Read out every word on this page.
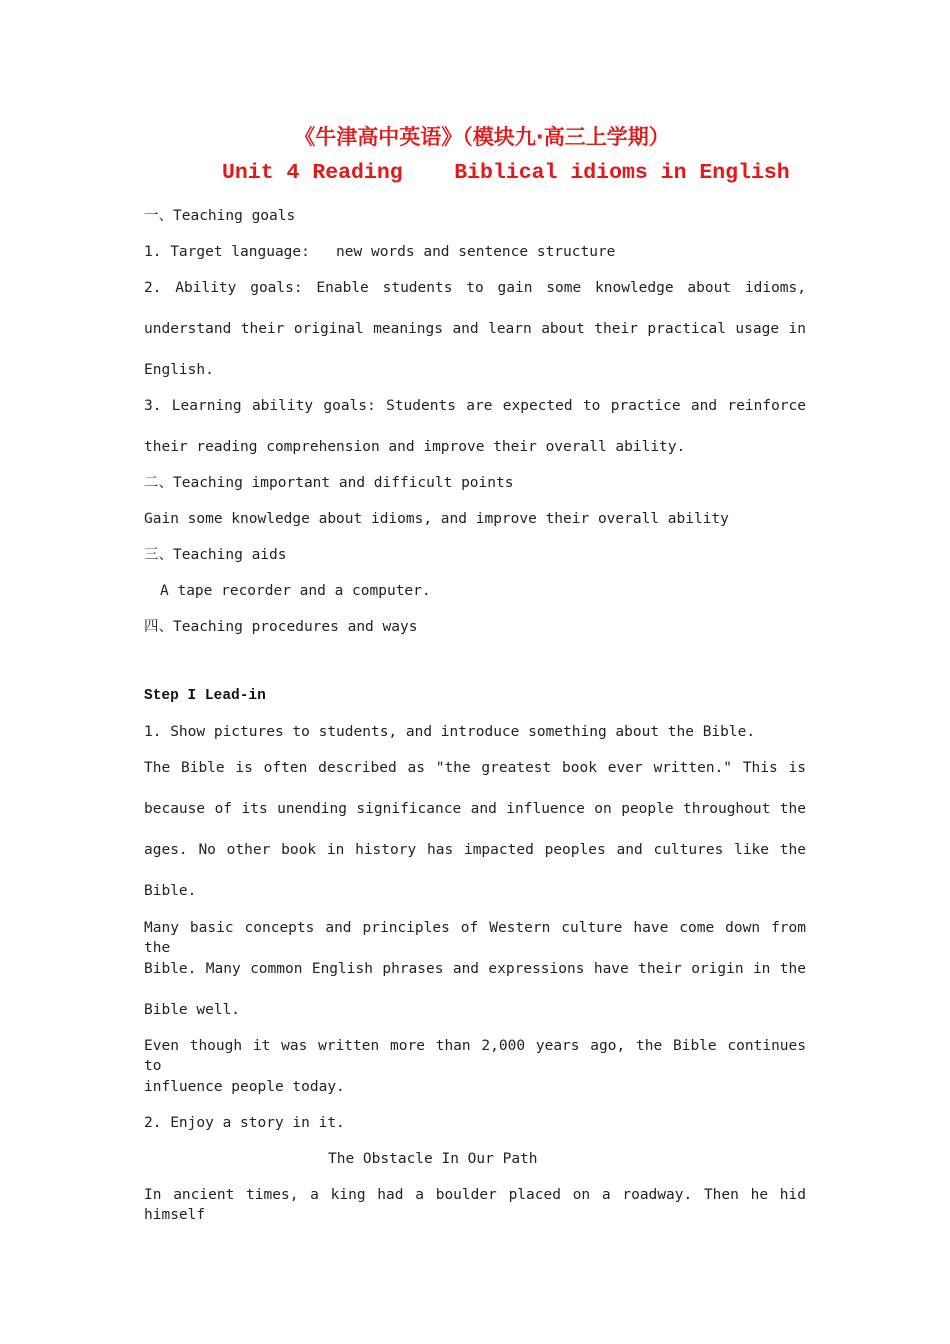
《牛津高中英语》（模块九·高三上学期）
Unit 4 Reading    Biblical idioms in English
一、Teaching goals
1. Target language:   new words and sentence structure
2. Ability goals: Enable students to gain some knowledge about idioms,
understand their original meanings and learn about their practical usage in
English.
3. Learning ability goals: Students are expected to practice and reinforce
their reading comprehension and improve their overall ability.
二、Teaching important and difficult points
Gain some knowledge about idioms, and improve their overall ability
三、Teaching aids
A tape recorder and a computer.
四、Teaching procedures and ways
Step I Lead-in
1. Show pictures to students, and introduce something about the Bible.
The Bible is often described as "the greatest book ever written." This is
because of its unending significance and influence on people throughout the
ages. No other book in history has impacted peoples and cultures like the
Bible.
Many basic concepts and principles of Western culture have come down from the
Bible. Many common English phrases and expressions have their origin in the
Bible well.
Even though it was written more than 2,000 years ago, the Bible continues to
influence people today.
2. Enjoy a story in it.
The Obstacle In Our Path
In ancient times, a king had a boulder placed on a roadway. Then he hid himself
